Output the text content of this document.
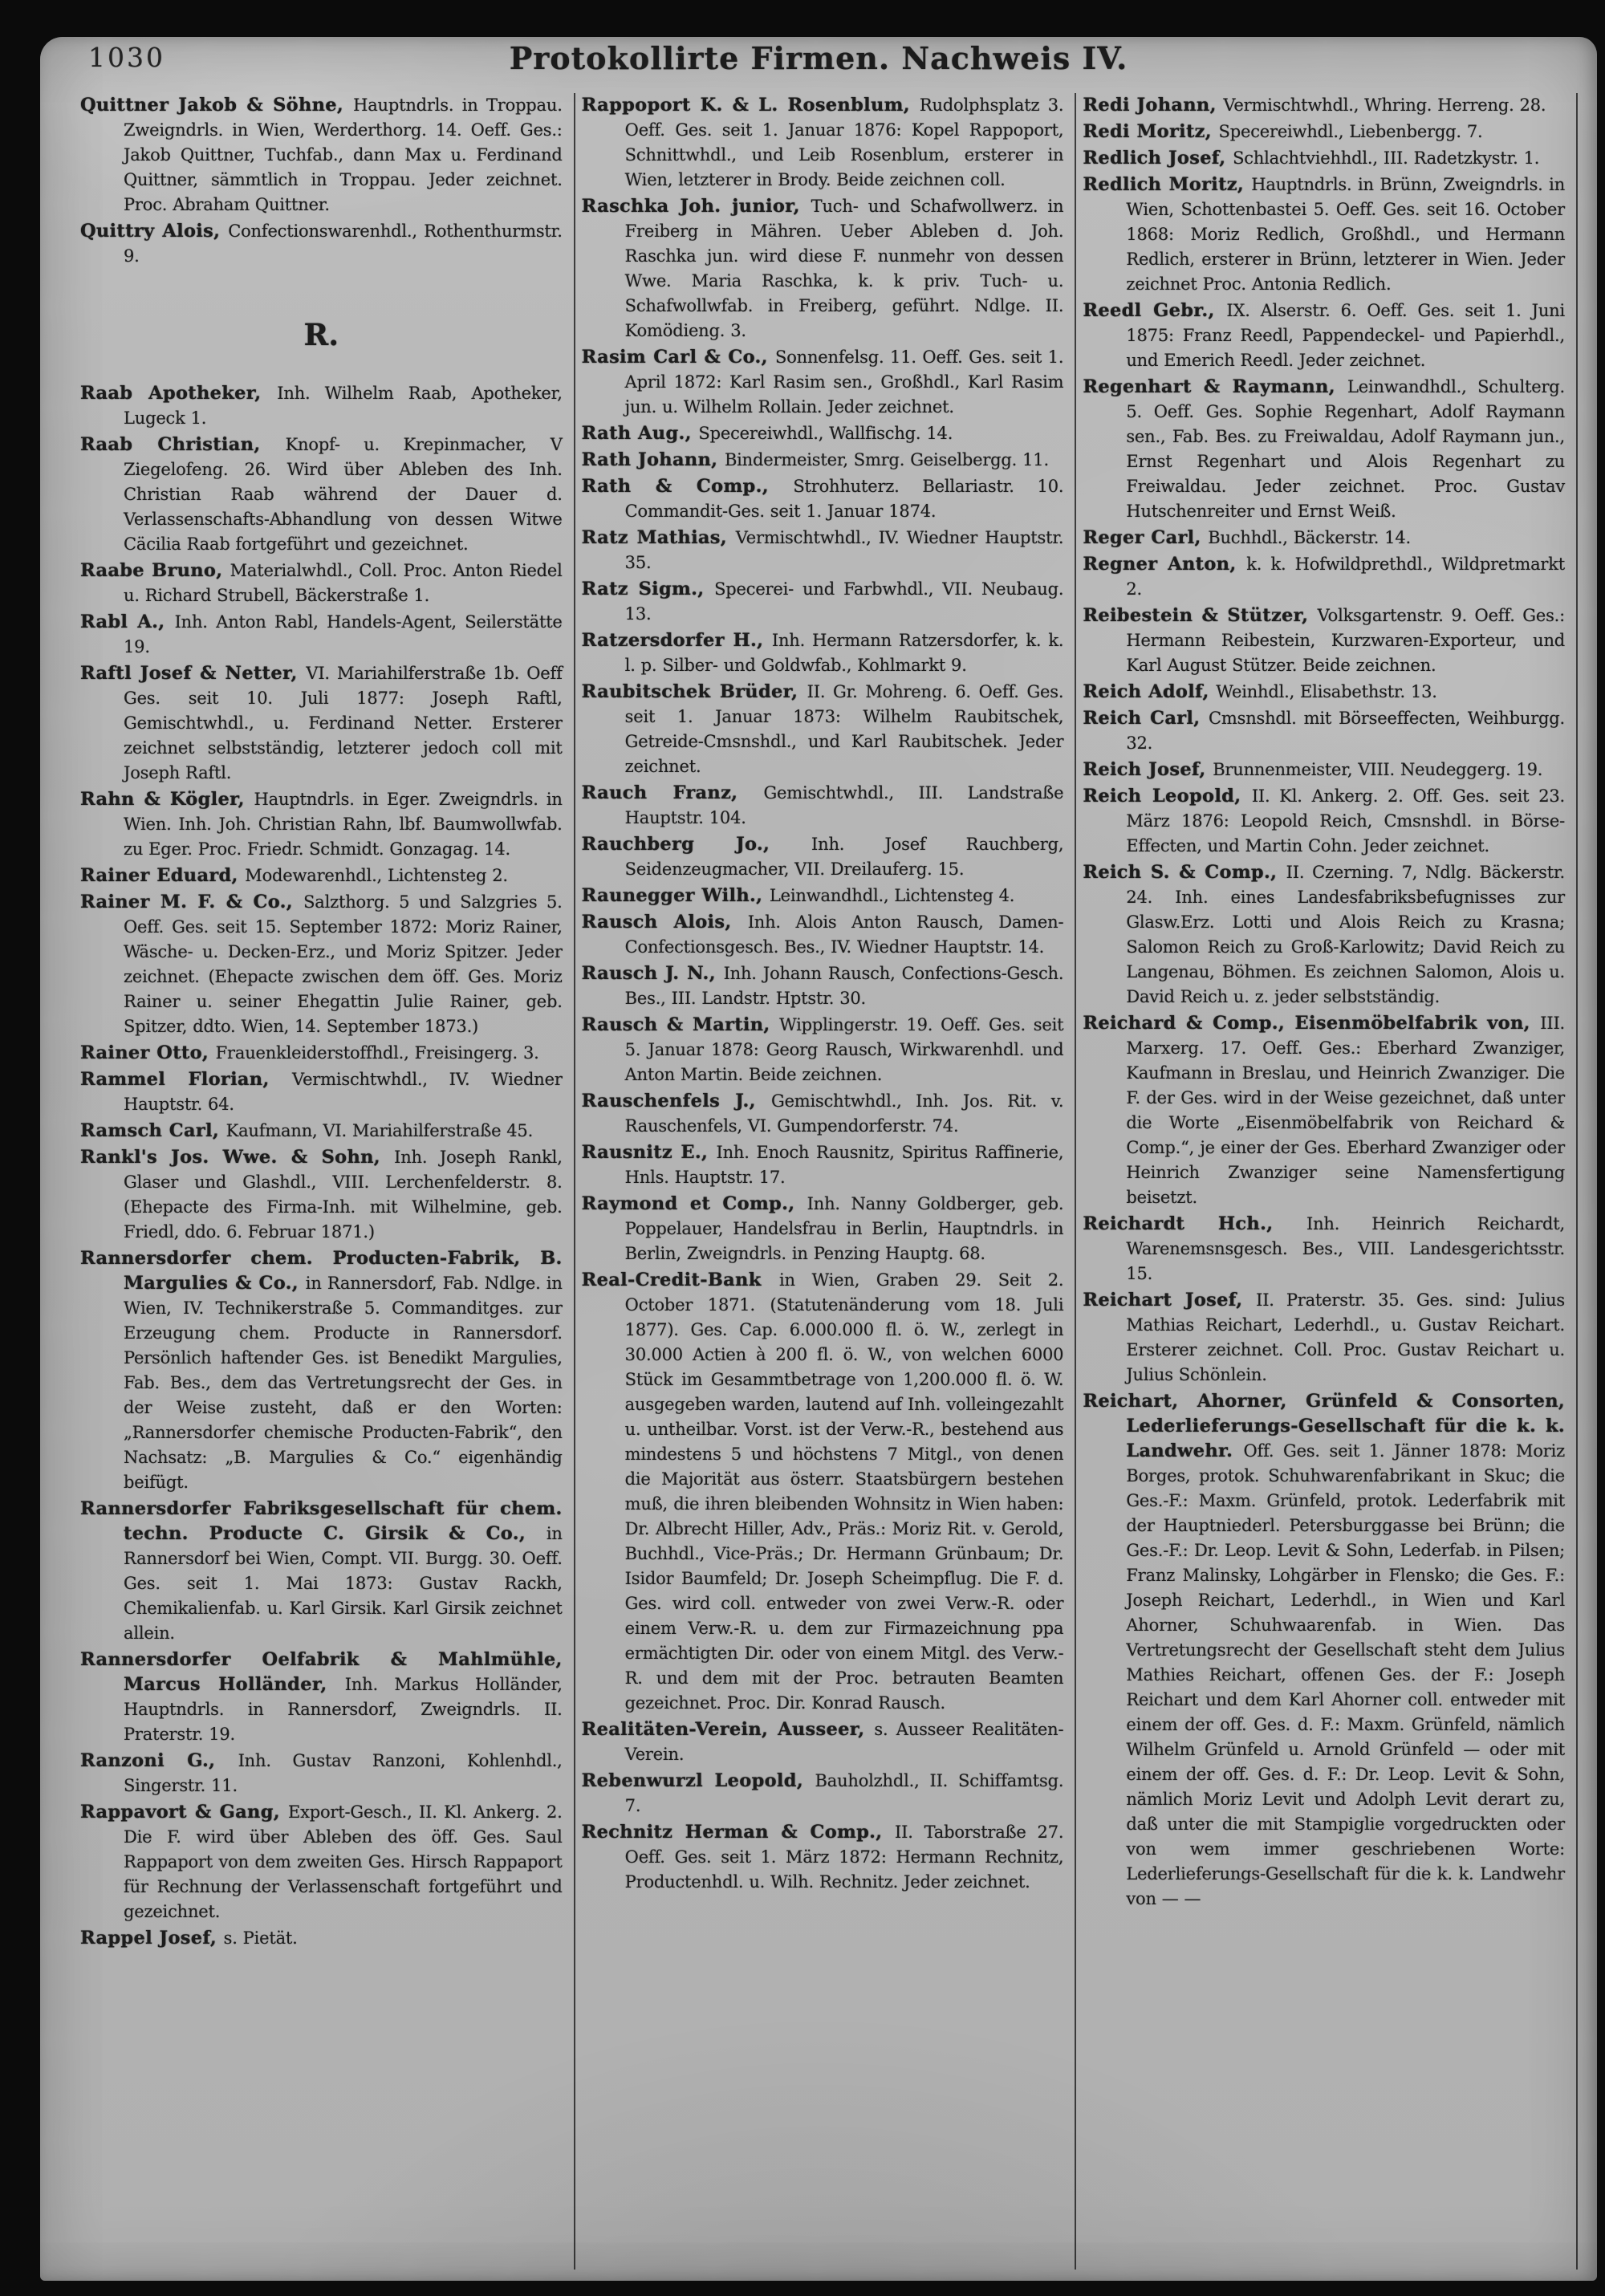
1030	Protokollirte Firmen. Nachweis IV.

Quittner Jakob & Söhne, Hauptndrls. in Troppau. Zweigndrls. in Wien, Werderthorg. 14. Oeff. Ges.: Jakob Quittner, Tuchfab., dann Max u. Ferdinand Quittner, sämmtlich in Troppau. Jeder zeichnet. Proc. Abraham Quittner.

Quittry Alois, Confectionswarenhdl., Rothenthurmstr. 9.

R.

Raab Apotheker, Inh. Wilhelm Raab, Apotheker, Lugeck 1.

Raab Christian, Knopf- u. Krepinmacher, V Ziegelofeng. 26. Wird über Ableben des Inh. Christian Raab während der Dauer d. Verlassenschafts-Abhandlung von dessen Witwe Cäcilia Raab fortgeführt und gezeichnet.

Raabe Bruno, Materialwhdl., Coll. Proc. Anton Riedel u. Richard Strubell, Bäckerstraße 1.

Rabl A., Inh. Anton Rabl, Handels-Agent, Seilerstätte 19.

Raftl Josef & Netter, VI. Mariahilferstraße 1b. Oeff Ges. seit 10. Juli 1877: Joseph Raftl, Gemischtwhdl., u. Ferdinand Netter. Ersterer zeichnet selbstständig, letzterer jedoch coll mit Joseph Raftl.

Rahn & Kögler, Hauptndrls. in Eger. Zweigndrls. in Wien. Inh. Joh. Christian Rahn, lbf. Baumwollwfab. zu Eger. Proc. Friedr. Schmidt. Gonzagag. 14.

Rainer Eduard, Modewarenhdl., Lichtensteg 2.

Rainer M. F. & Co., Salzthorg. 5 und Salzgries 5. Oeff. Ges. seit 15. September 1872: Moriz Rainer, Wäsche- u. Decken-Erz., und Moriz Spitzer. Jeder zeichnet. (Ehepacte zwischen dem öff. Ges. Moriz Rainer u. seiner Ehegattin Julie Rainer, geb. Spitzer, ddto. Wien, 14. September 1873.)

Rainer Otto, Frauenkleiderstoffhdl., Freisingerg. 3.

Rammel Florian, Vermischtwhdl., IV. Wiedner Hauptstr. 64.

Ramsch Carl, Kaufmann, VI. Mariahilferstraße 45.

Rankl's Jos. Wwe. & Sohn, Inh. Joseph Rankl, Glaser und Glashdl., VIII. Lerchenfelderstr. 8. (Ehepacte des Firma-Inh. mit Wilhelmine, geb. Friedl, ddo. 6. Februar 1871.)

Rannersdorfer chem. Producten-Fabrik, B. Margulies & Co., in Rannersdorf, Fab. Ndlge. in Wien, IV. Technikerstraße 5. Commanditges. zur Erzeugung chem. Producte in Rannersdorf. Persönlich haftender Ges. ist Benedikt Margulies, Fab. Bes., dem das Vertretungsrecht der Ges. in der Weise zusteht, daß er den Worten: „Rannersdorfer chemische Producten-Fabrik“, den Nachsatz: „B. Margulies & Co.“ eigenhändig beifügt.

Rannersdorfer Fabriksgesellschaft für chem. techn. Producte C. Girsik & Co., in Rannersdorf bei Wien, Compt. VII. Burgg. 30. Oeff. Ges. seit 1. Mai 1873: Gustav Rackh, Chemikalienfab. u. Karl Girsik. Karl Girsik zeichnet allein.

Rannersdorfer Oelfabrik & Mahlmühle, Marcus Holländer, Inh. Markus Holländer, Hauptndrls. in Rannersdorf, Zweigndrls. II. Praterstr. 19.

Ranzoni G., Inh. Gustav Ranzoni, Kohlenhdl., Singerstr. 11.

Rappavort & Gang, Export-Gesch., II. Kl. Ankerg. 2. Die F. wird über Ableben des öff. Ges. Saul Rappaport von dem zweiten Ges. Hirsch Rappaport für Rechnung der Verlassenschaft fortgeführt und gezeichnet.

Rappel Josef, s. Pietät.

Rappoport K. & L. Rosenblum, Rudolphsplatz 3. Oeff. Ges. seit 1. Januar 1876: Kopel Rappoport, Schnittwhdl., und Leib Rosenblum, ersterer in Wien, letzterer in Brody. Beide zeichnen coll.

Raschka Joh. junior, Tuch- und Schafwollwerz. in Freiberg in Mähren. Ueber Ableben d. Joh. Raschka jun. wird diese F. nunmehr von dessen Wwe. Maria Raschka, k. k priv. Tuch- u. Schafwollwfab. in Freiberg, geführt. Ndlge. II. Komödieng. 3.

Rasim Carl & Co., Sonnenfelsg. 11. Oeff. Ges. seit 1. April 1872: Karl Rasim sen., Großhdl., Karl Rasim jun. u. Wilhelm Rollain. Jeder zeichnet.

Rath Aug., Specereiwhdl., Wallfischg. 14.

Rath Johann, Bindermeister, Smrg. Geiselbergg. 11.

Rath & Comp., Strohhuterz. Bellariastr. 10. Commandit-Ges. seit 1. Januar 1874.

Ratz Mathias, Vermischtwhdl., IV. Wiedner Hauptstr. 35.

Ratz Sigm., Specerei- und Farbwhdl., VII. Neubaug. 13.

Ratzersdorfer H., Inh. Hermann Ratzersdorfer, k. k. l. p. Silber- und Goldwfab., Kohlmarkt 9.

Raubitschek Brüder, II. Gr. Mohreng. 6. Oeff. Ges. seit 1. Januar 1873: Wilhelm Raubitschek, Getreide-Cmsnshdl., und Karl Raubitschek. Jeder zeichnet.

Rauch Franz, Gemischtwhdl., III. Landstraße Hauptstr. 104.

Rauchberg Jo., Inh. Josef Rauchberg, Seidenzeugmacher, VII. Dreilauferg. 15.

Raunegger Wilh., Leinwandhdl., Lichtensteg 4.

Rausch Alois, Inh. Alois Anton Rausch, Damen-Confectionsgesch. Bes., IV. Wiedner Hauptstr. 14.

Rausch J. N., Inh. Johann Rausch, Confections-Gesch. Bes., III. Landstr. Hptstr. 30.

Rausch & Martin, Wipplingerstr. 19. Oeff. Ges. seit 5. Januar 1878: Georg Rausch, Wirkwarenhdl. und Anton Martin. Beide zeichnen.

Rauschenfels J., Gemischtwhdl., Inh. Jos. Rit. v. Rauschenfels, VI. Gumpendorferstr. 74.

Rausnitz E., Inh. Enoch Rausnitz, Spiritus Raffinerie, Hnls. Hauptstr. 17.

Raymond et Comp., Inh. Nanny Goldberger, geb. Poppelauer, Handelsfrau in Berlin, Hauptndrls. in Berlin, Zweigndrls. in Penzing Hauptg. 68.

Real-Credit-Bank in Wien, Graben 29. Seit 2. October 1871. (Statutenänderung vom 18. Juli 1877). Ges. Cap. 6.000.000 fl. ö. W., zerlegt in 30.000 Actien à 200 fl. ö. W., von welchen 6000 Stück im Gesammtbetrage von 1,200.000 fl. ö. W. ausgegeben warden, lautend auf Inh. volleingezahlt u. untheilbar. Vorst. ist der Verw.-R., bestehend aus mindestens 5 und höchstens 7 Mitgl., von denen die Majorität aus österr. Staatsbürgern bestehen muß, die ihren bleibenden Wohnsitz in Wien haben: Dr. Albrecht Hiller, Adv., Präs.: Moriz Rit. v. Gerold, Buchhdl., Vice-Präs.; Dr. Hermann Grünbaum; Dr. Isidor Baumfeld; Dr. Joseph Scheimpflug. Die F. d. Ges. wird coll. entweder von zwei Verw.-R. oder einem Verw.-R. u. dem zur Firmazeichnung ppa ermächtigten Dir. oder von einem Mitgl. des Verw.-R. und dem mit der Proc. betrauten Beamten gezeichnet. Proc. Dir. Konrad Rausch.

Realitäten-Verein, Ausseer, s. Ausseer Realitäten-Verein.

Rebenwurzl Leopold, Bauholzhdl., II. Schiffamtsg. 7.

Rechnitz Herman & Comp., II. Taborstraße 27. Oeff. Ges. seit 1. März 1872: Hermann Rechnitz, Productenhdl. u. Wilh. Rechnitz. Jeder zeichnet.

Redi Johann, Vermischtwhdl., Whring. Herreng. 28.

Redi Moritz, Specereiwhdl., Liebenbergg. 7.

Redlich Josef, Schlachtviehhdl., III. Radetzkystr. 1.

Redlich Moritz, Hauptndrls. in Brünn, Zweigndrls. in Wien, Schottenbastei 5. Oeff. Ges. seit 16. October 1868: Moriz Redlich, Großhdl., und Hermann Redlich, ersterer in Brünn, letzterer in Wien. Jeder zeichnet Proc. Antonia Redlich.

Reedl Gebr., IX. Alserstr. 6. Oeff. Ges. seit 1. Juni 1875: Franz Reedl, Pappendeckel- und Papierhdl., und Emerich Reedl. Jeder zeichnet.

Regenhart & Raymann, Leinwandhdl., Schulterg. 5. Oeff. Ges. Sophie Regenhart, Adolf Raymann sen., Fab. Bes. zu Freiwaldau, Adolf Raymann jun., Ernst Regenhart und Alois Regenhart zu Freiwaldau. Jeder zeichnet. Proc. Gustav Hutschenreiter und Ernst Weiß.

Reger Carl, Buchhdl., Bäckerstr. 14.

Regner Anton, k. k. Hofwildprethdl., Wildpretmarkt 2.

Reibestein & Stützer, Volksgartenstr. 9. Oeff. Ges.: Hermann Reibestein, Kurzwaren-Exporteur, und Karl August Stützer. Beide zeichnen.

Reich Adolf, Weinhdl., Elisabethstr. 13.

Reich Carl, Cmsnshdl. mit Börseeffecten, Weihburgg. 32.

Reich Josef, Brunnenmeister, VIII. Neudeggerg. 19.

Reich Leopold, II. Kl. Ankerg. 2. Off. Ges. seit 23. März 1876: Leopold Reich, Cmsnshdl. in Börse-Effecten, und Martin Cohn. Jeder zeichnet.

Reich S. & Comp., II. Czerning. 7, Ndlg. Bäckerstr. 24. Inh. eines Landesfabriksbefugnisses zur Glasw.Erz. Lotti und Alois Reich zu Krasna; Salomon Reich zu Groß-Karlowitz; David Reich zu Langenau, Böhmen. Es zeichnen Salomon, Alois u. David Reich u. z. jeder selbstständig.

Reichard & Comp., Eisenmöbelfabrik von, III. Marxerg. 17. Oeff. Ges.: Eberhard Zwanziger, Kaufmann in Breslau, und Heinrich Zwanziger. Die F. der Ges. wird in der Weise gezeichnet, daß unter die Worte „Eisenmöbelfabrik von Reichard & Comp.“, je einer der Ges. Eberhard Zwanziger oder Heinrich Zwanziger seine Namensfertigung beisetzt.

Reichardt Hch., Inh. Heinrich Reichardt, Warenemsnsgesch. Bes., VIII. Landesgerichtsstr. 15.

Reichart Josef, II. Praterstr. 35. Ges. sind: Julius Mathias Reichart, Lederhdl., u. Gustav Reichart. Ersterer zeichnet. Coll. Proc. Gustav Reichart u. Julius Schönlein.

Reichart, Ahorner, Grünfeld & Consorten, Lederlieferungs-Gesellschaft für die k. k. Landwehr. Off. Ges. seit 1. Jänner 1878: Moriz Borges, protok. Schuhwarenfabrikant in Skuc; die Ges.-F.: Maxm. Grünfeld, protok. Lederfabrik mit der Hauptniederl. Petersburggasse bei Brünn; die Ges.-F.: Dr. Leop. Levit & Sohn, Lederfab. in Pilsen; Franz Malinsky, Lohgärber in Flensko; die Ges. F.: Joseph Reichart, Lederhdl., in Wien und Karl Ahorner, Schuhwaarenfab. in Wien. Das Vertretungsrecht der Gesellschaft steht dem Julius Mathies Reichart, offenen Ges. der F.: Joseph Reichart und dem Karl Ahorner coll. entweder mit einem der off. Ges. d. F.: Maxm. Grünfeld, nämlich Wilhelm Grünfeld u. Arnold Grünfeld — oder mit einem der off. Ges. d. F.: Dr. Leop. Levit & Sohn, nämlich Moriz Levit und Adolph Levit derart zu, daß unter die mit Stampiglie vorgedruckten oder von wem immer geschriebenen Worte: Lederlieferungs-Gesellschaft für die k. k. Landwehr von — —
